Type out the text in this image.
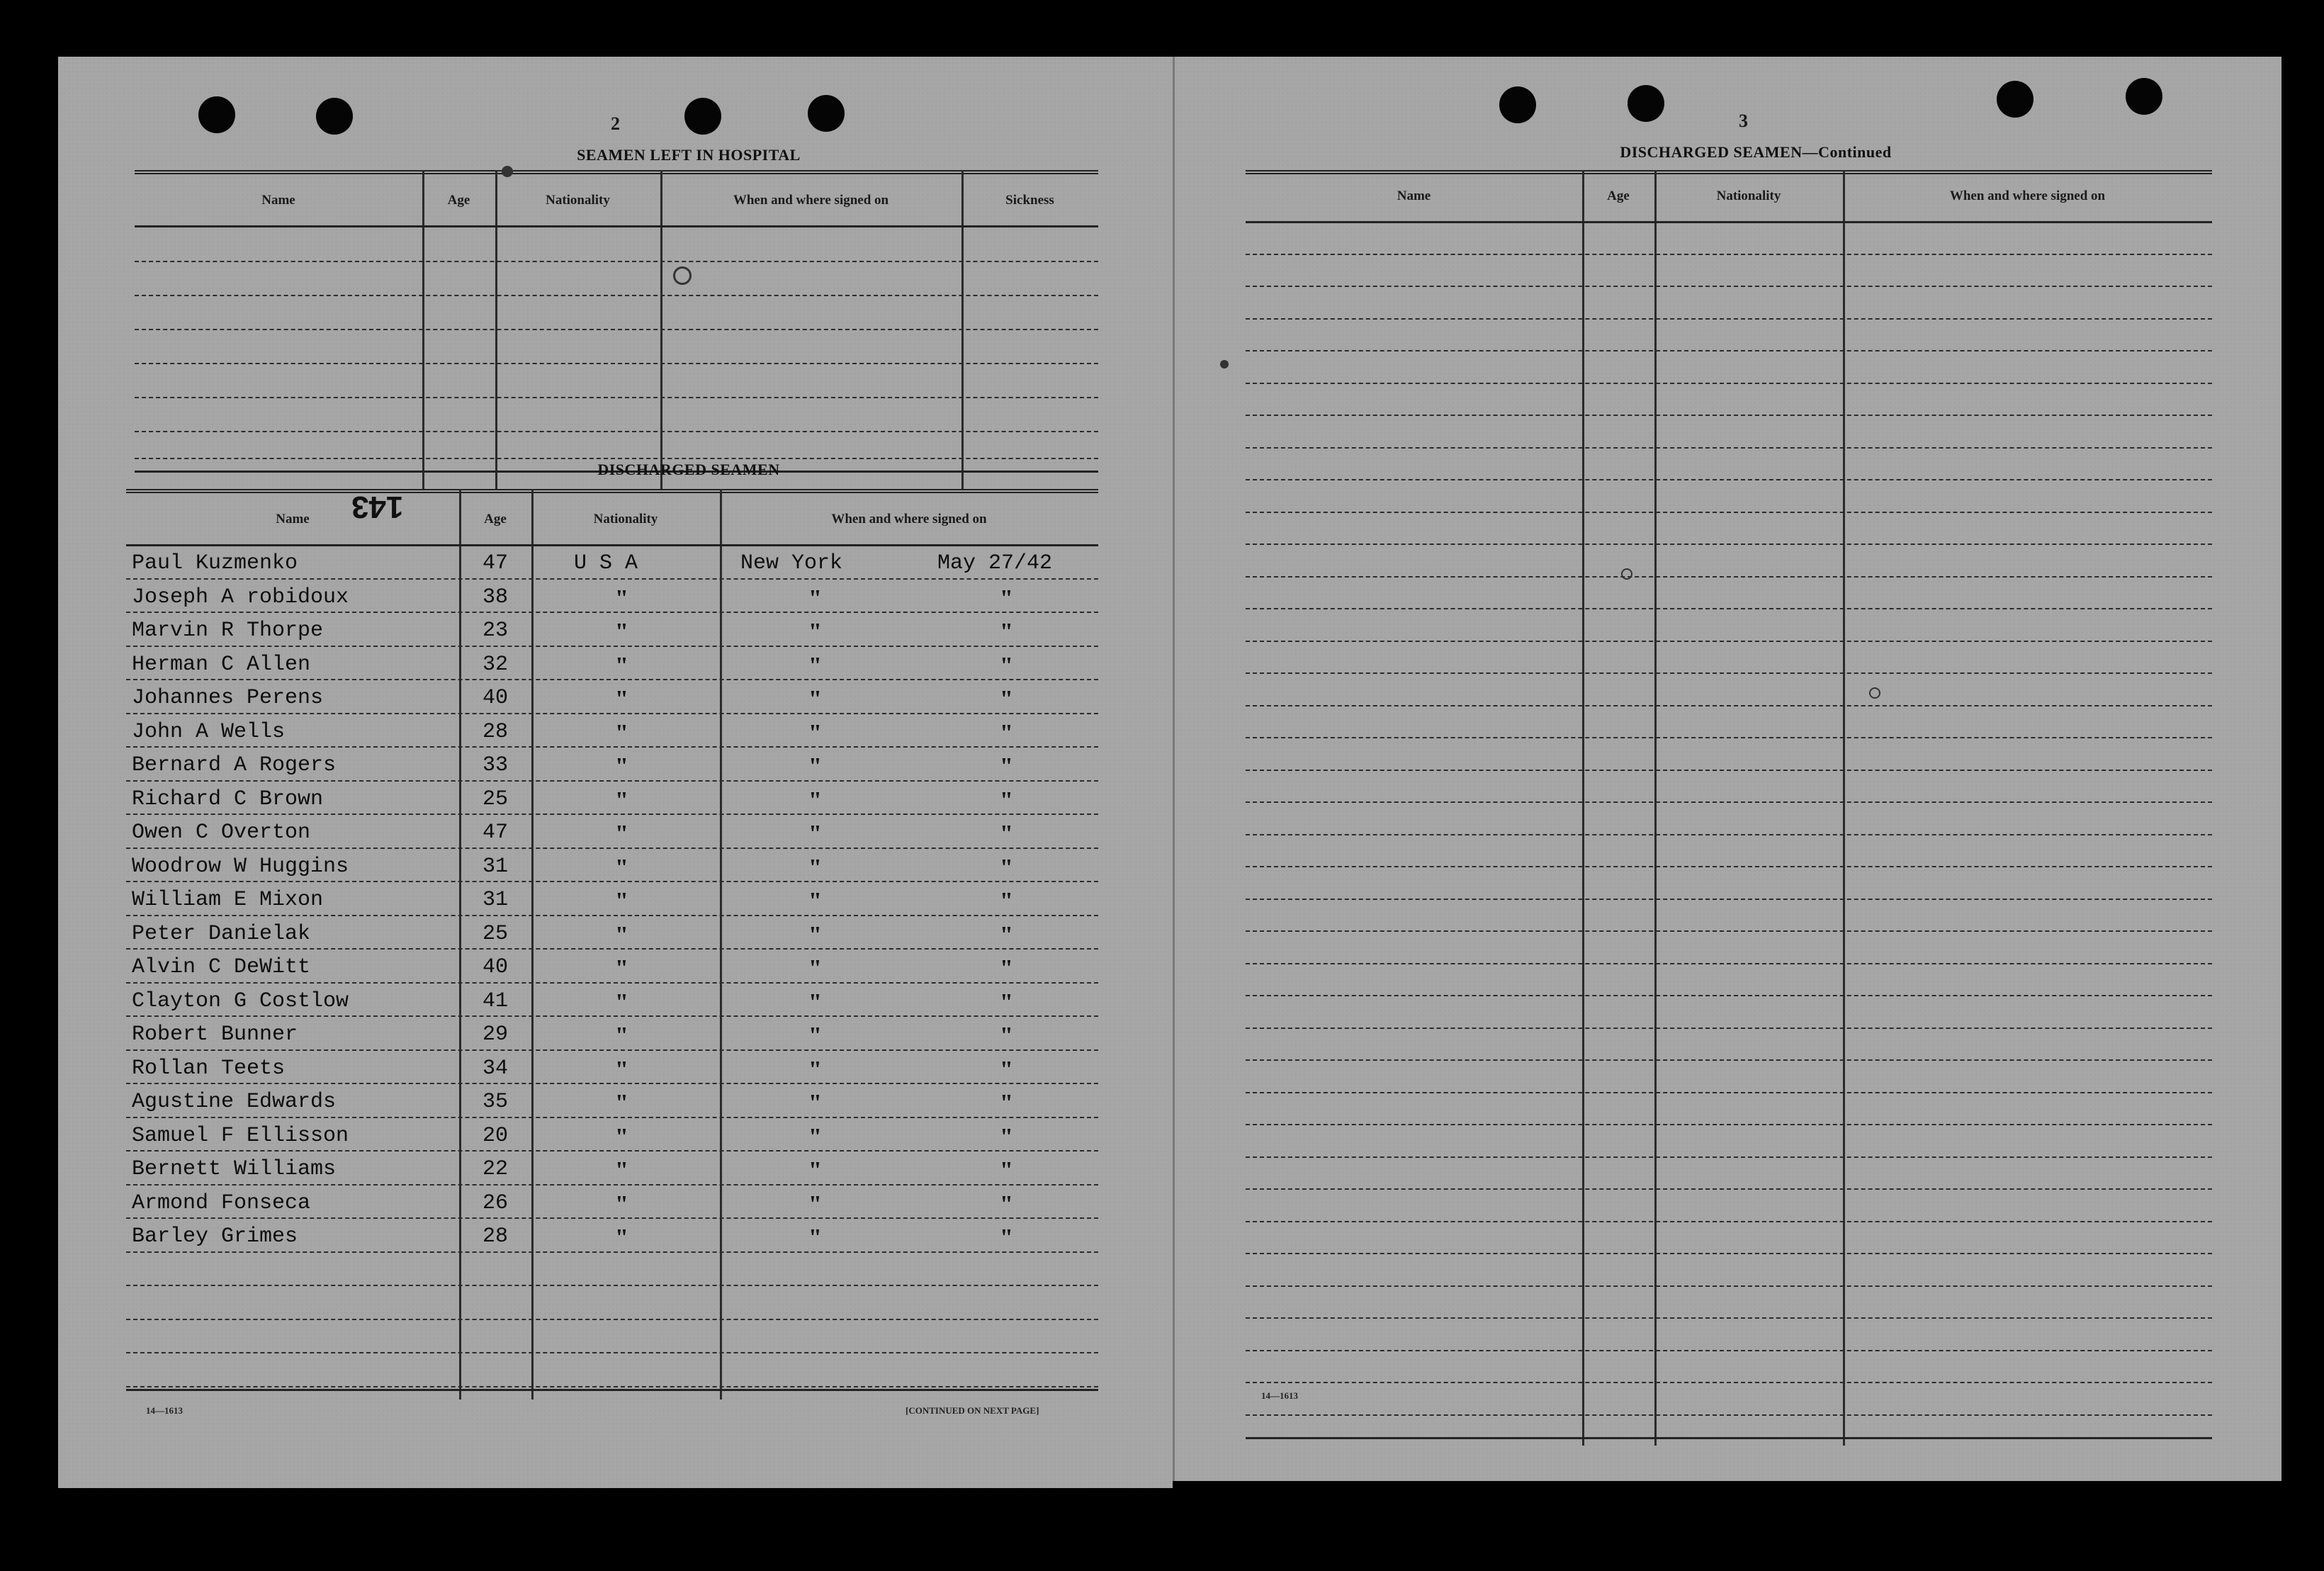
2
SEAMEN LEFT IN HOSPITAL
Name	Age	Nationality	When and where signed on	Sickness
DISCHARGED SEAMEN
Name	Age	Nationality	When and where signed on
143
Paul Kuzmenko	47	U S A	New York	May 27/42
Joseph A robidoux	38	"	"	"
Marvin R Thorpe	23	"	"	"
Herman C Allen	32	"	"	"
Johannes Perens	40	"	"	"
John A Wells	28	"	"	"
Bernard A Rogers	33	"	"	"
Richard C Brown	25	"	"	"
Owen C Overton	47	"	"	"
Woodrow W Huggins	31	"	"	"
William E Mixon	31	"	"	"
Peter Danielak	25	"	"	"
Alvin C DeWitt	40	"	"	"
Clayton G Costlow	41	"	"	"
Robert Bunner	29	"	"	"
Rollan Teets	34	"	"	"
Agustine Edwards	35	"	"	"
Samuel F Ellisson	20	"	"	"
Bernett Williams	22	"	"	"
Armond Fonseca	26	"	"	"
Barley Grimes	28	"	"	"
14—1613	[CONTINUED ON NEXT PAGE]
3
DISCHARGED SEAMEN—Continued
Name	Age	Nationality	When and where signed on
14—1613
